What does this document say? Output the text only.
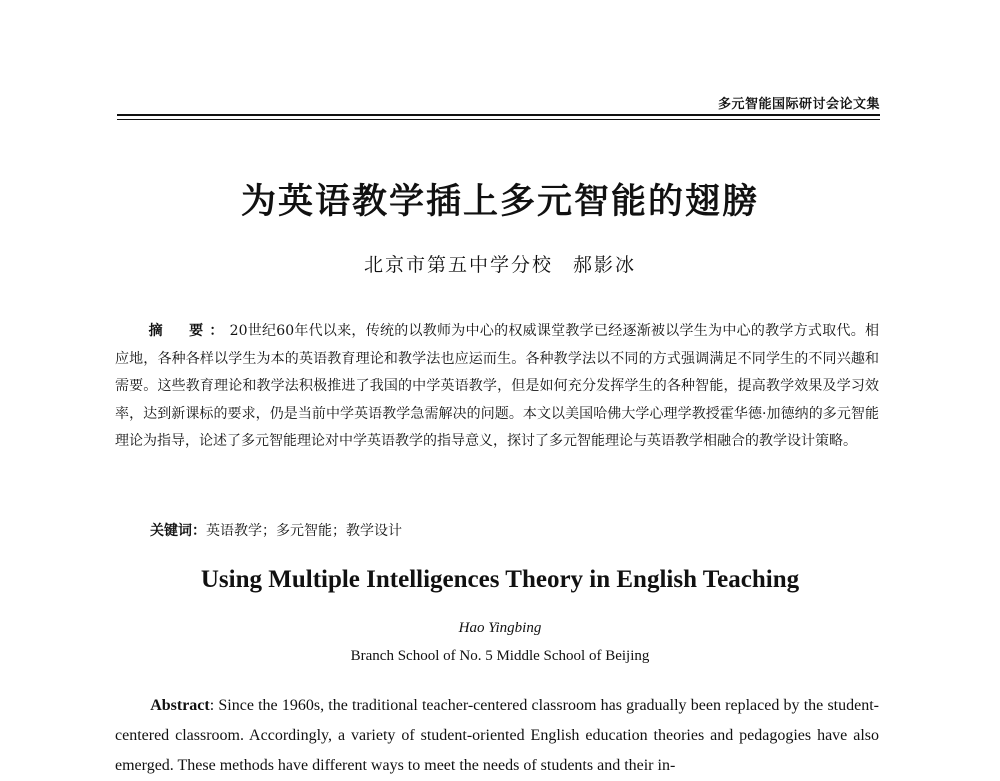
多元智能国际研讨会论文集
为英语教学插上多元智能的翅膀
北京市第五中学分校 郝影冰
摘　要：20世纪60年代以来，传统的以教师为中心的权威课堂教学已经逐渐被以学生为中心的教学方式取代。相应地，各种各样以学生为本的英语教育理论和教学法也应运而生。各种教学法以不同的方式强调满足不同学生的不同兴趣和需要。这些教育理论和教学法积极推进了我国的中学英语教学，但是如何充分发挥学生的各种智能，提高教学效果及学习效率，达到新课标的要求，仍是当前中学英语教学急需解决的问题。本文以美国哈佛大学心理学教授霍华德·加德纳的多元智能理论为指导，论述了多元智能理论对中学英语教学的指导意义，探讨了多元智能理论与英语教学相融合的教学设计策略。
关键词：英语教学；多元智能；教学设计
Using Multiple Intelligences Theory in English Teaching
Hao Yingbing
Branch School of No. 5 Middle School of Beijing
Abstract: Since the 1960s, the traditional teacher-centered classroom has gradually been replaced by the student-centered classroom. Accordingly, a variety of student-oriented English education theories and pedagogies have also emerged. These methods have different ways to meet the needs of students and their in-
